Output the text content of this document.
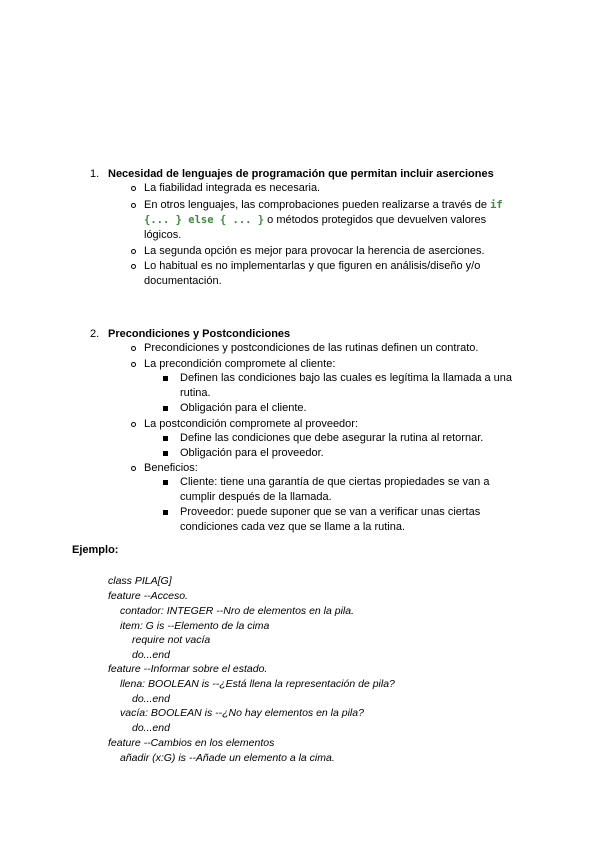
1. Necesidad de lenguajes de programación que permitan incluir aserciones
La fiabilidad integrada es necesaria.
En otros lenguajes, las comprobaciones pueden realizarse a través de if
{... } else { ... } o métodos protegidos que devuelven valores
lógicos.
La segunda opción es mejor para provocar la herencia de aserciones.
Lo habitual es no implementarlas y que figuren en análisis/diseño y/o
documentación.
2. Precondiciones y Postcondiciones
Precondiciones y postcondiciones de las rutinas definen un contrato.
La precondición compromete al cliente:
Definen las condiciones bajo las cuales es legítima la llamada a una
rutina.
Obligación para el cliente.
La postcondición compromete al proveedor:
Define las condiciones que debe asegurar la rutina al retornar.
Obligación para el proveedor.
Beneficios:
Cliente: tiene una garantía de que ciertas propiedades se van a
cumplir después de la llamada.
Proveedor: puede suponer que se van a verificar unas ciertas
condiciones cada vez que se llame a la rutina.
Ejemplo:
class PILA[G]
feature --Acceso.
contador: INTEGER --Nro de elementos en la pila.
item: G is --Elemento de la cima
require not vacía
do...end
feature --Informar sobre el estado.
llena: BOOLEAN is --¿Está llena la representación de pila?
do...end
vacía: BOOLEAN is --¿No hay elementos en la pila?
do...end
feature --Cambios en los elementos
añadir (x:G) is --Añade un elemento a la cima.
